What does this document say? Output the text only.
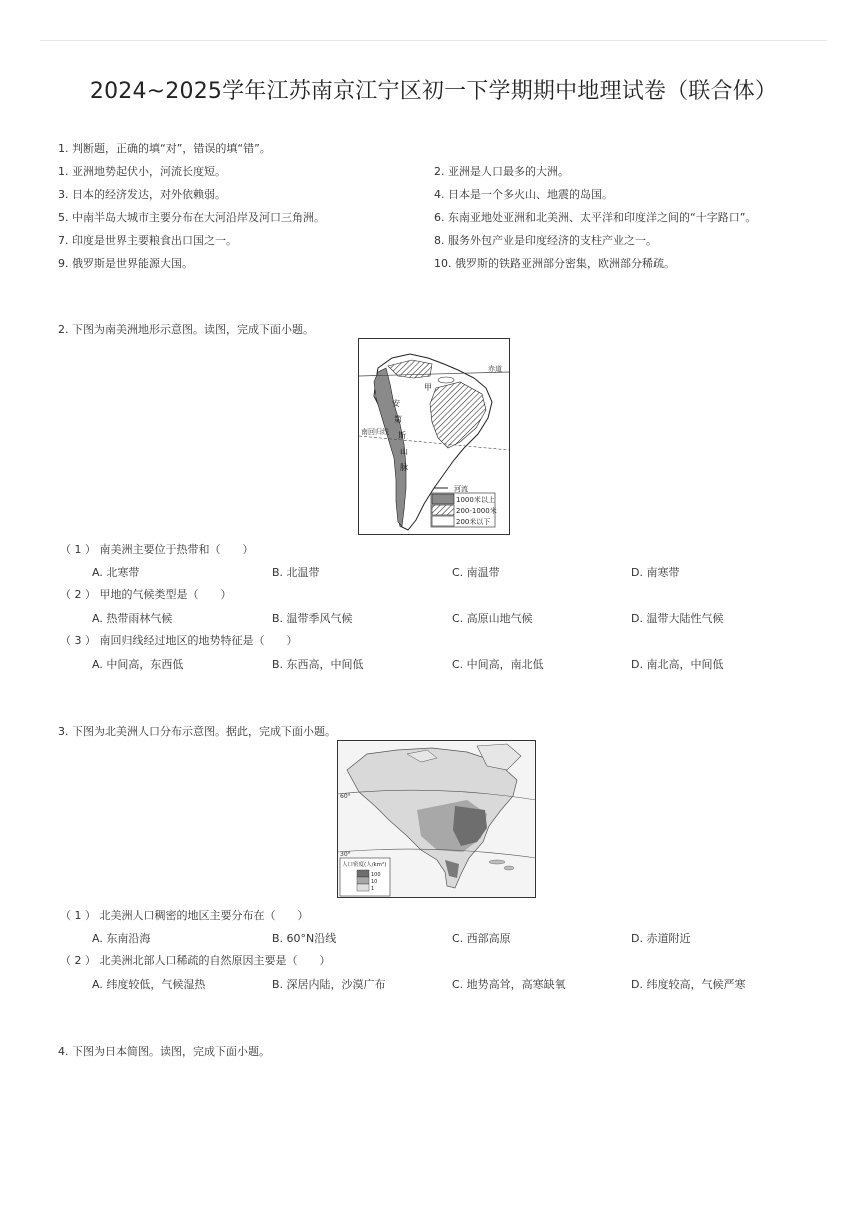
2024~2025学年江苏南京江宁区初一下学期期中地理试卷（联合体）
1. 判断题，正确的填“对”，错误的填“错”。
1. 亚洲地势起伏小，河流长度短。	2. 亚洲是人口最多的大洲。
3. 日本的经济发达，对外依赖弱。	4. 日本是一个多火山、地震的岛国。
5. 中南半岛大城市主要分布在大河沿岸及河口三角洲。	6. 东南亚地处亚洲和北美洲、太平洋和印度洋之间的“十字路口”。
7. 印度是世界主要粮食出口国之一。	8. 服务外包产业是印度经济的支柱产业之一。
9. 俄罗斯是世界能源大国。	10. 俄罗斯的铁路亚洲部分密集，欧洲部分稀疏。
2. 下图为南美洲地形示意图。读图，完成下面小题。
赤道
南回归线
甲
安
第
斯
山
脉
河流
1000米以上
200-1000米
200米以下
（ 1 ） 南美洲主要位于热带和（　　）
A. 北寒带	B. 北温带	C. 南温带	D. 南寒带
（ 2 ） 甲地的气候类型是（　　）
A. 热带雨林气候	B. 温带季风气候	C. 高原山地气候	D. 温带大陆性气候
（ 3 ） 南回归线经过地区的地势特征是（　　）
A. 中间高，东西低	B. 东西高，中间低	C. 中间高，南北低	D. 南北高，中间低
3. 下图为北美洲人口分布示意图。据此，完成下面小题。
60°
30°
人口密度(人/km²)
100
10
1
（ 1 ） 北美洲人口稠密的地区主要分布在（　　）
A. 东南沿海	B. 60°N沿线	C. 西部高原	D. 赤道附近
（ 2 ） 北美洲北部人口稀疏的自然原因主要是（　　）
A. 纬度较低，气候湿热	B. 深居内陆，沙漠广布	C. 地势高耸，高寒缺氧	D. 纬度较高，气候严寒
4. 下图为日本简图。读图，完成下面小题。
